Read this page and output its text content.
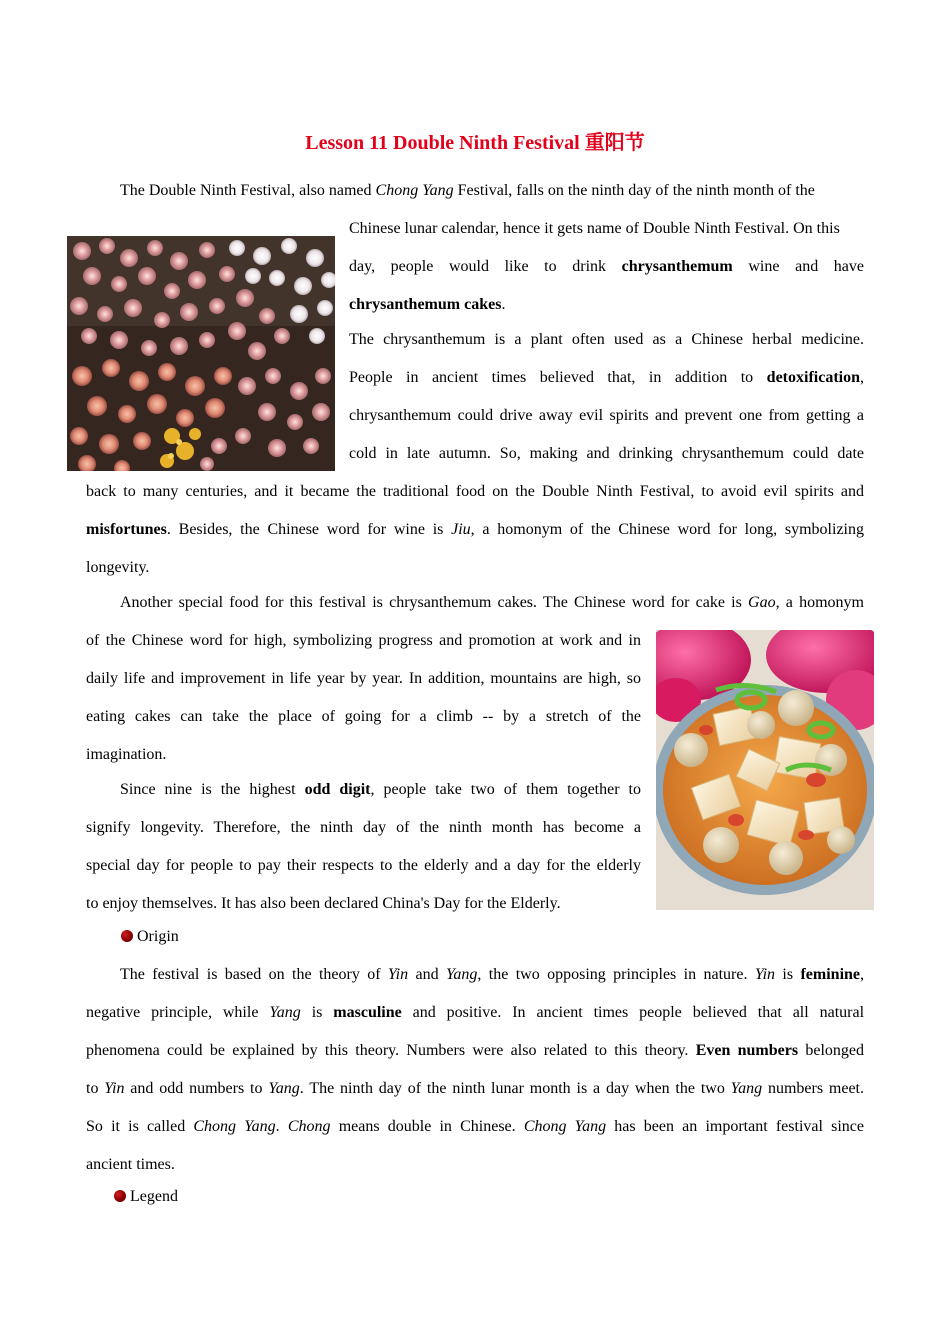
Lesson 11 Double Ninth Festival 重阳节
The Double Ninth Festival, also named Chong Yang Festival, falls on the ninth day of the ninth month of the
Chinese lunar calendar, hence it gets name of Double Ninth Festival. On this
day, people would like to drink chrysanthemum wine and have
chrysanthemum cakes.
The chrysanthemum is a plant often used as a Chinese herbal medicine.
People in ancient times believed that, in addition to detoxification,
chrysanthemum could drive away evil spirits and prevent one from getting a
cold in late autumn. So, making and drinking chrysanthemum could date
back to many centuries, and it became the traditional food on the Double Ninth Festival, to avoid evil spirits and
misfortunes. Besides, the Chinese word for wine is Jiu, a homonym of the Chinese word for long, symbolizing
longevity.
Another special food for this festival is chrysanthemum cakes. The Chinese word for cake is Gao, a homonym
of the Chinese word for high, symbolizing progress and promotion at work and in
daily life and improvement in life year by year. In addition, mountains are high, so
eating cakes can take the place of going for a climb -- by a stretch of the
imagination.
Since nine is the highest odd digit, people take two of them together to
signify longevity. Therefore, the ninth day of the ninth month has become a
special day for people to pay their respects to the elderly and a day for the elderly
to enjoy themselves. It has also been declared China's Day for the Elderly.
Origin
The festival is based on the theory of Yin and Yang, the two opposing principles in nature. Yin is feminine,
negative principle, while Yang is masculine and positive. In ancient times people believed that all natural
phenomena could be explained by this theory. Numbers were also related to this theory. Even numbers belonged
to Yin and odd numbers to Yang. The ninth day of the ninth lunar month is a day when the two Yang numbers meet.
So it is called Chong Yang. Chong means double in Chinese. Chong Yang has been an important festival since
ancient times.
Legend
